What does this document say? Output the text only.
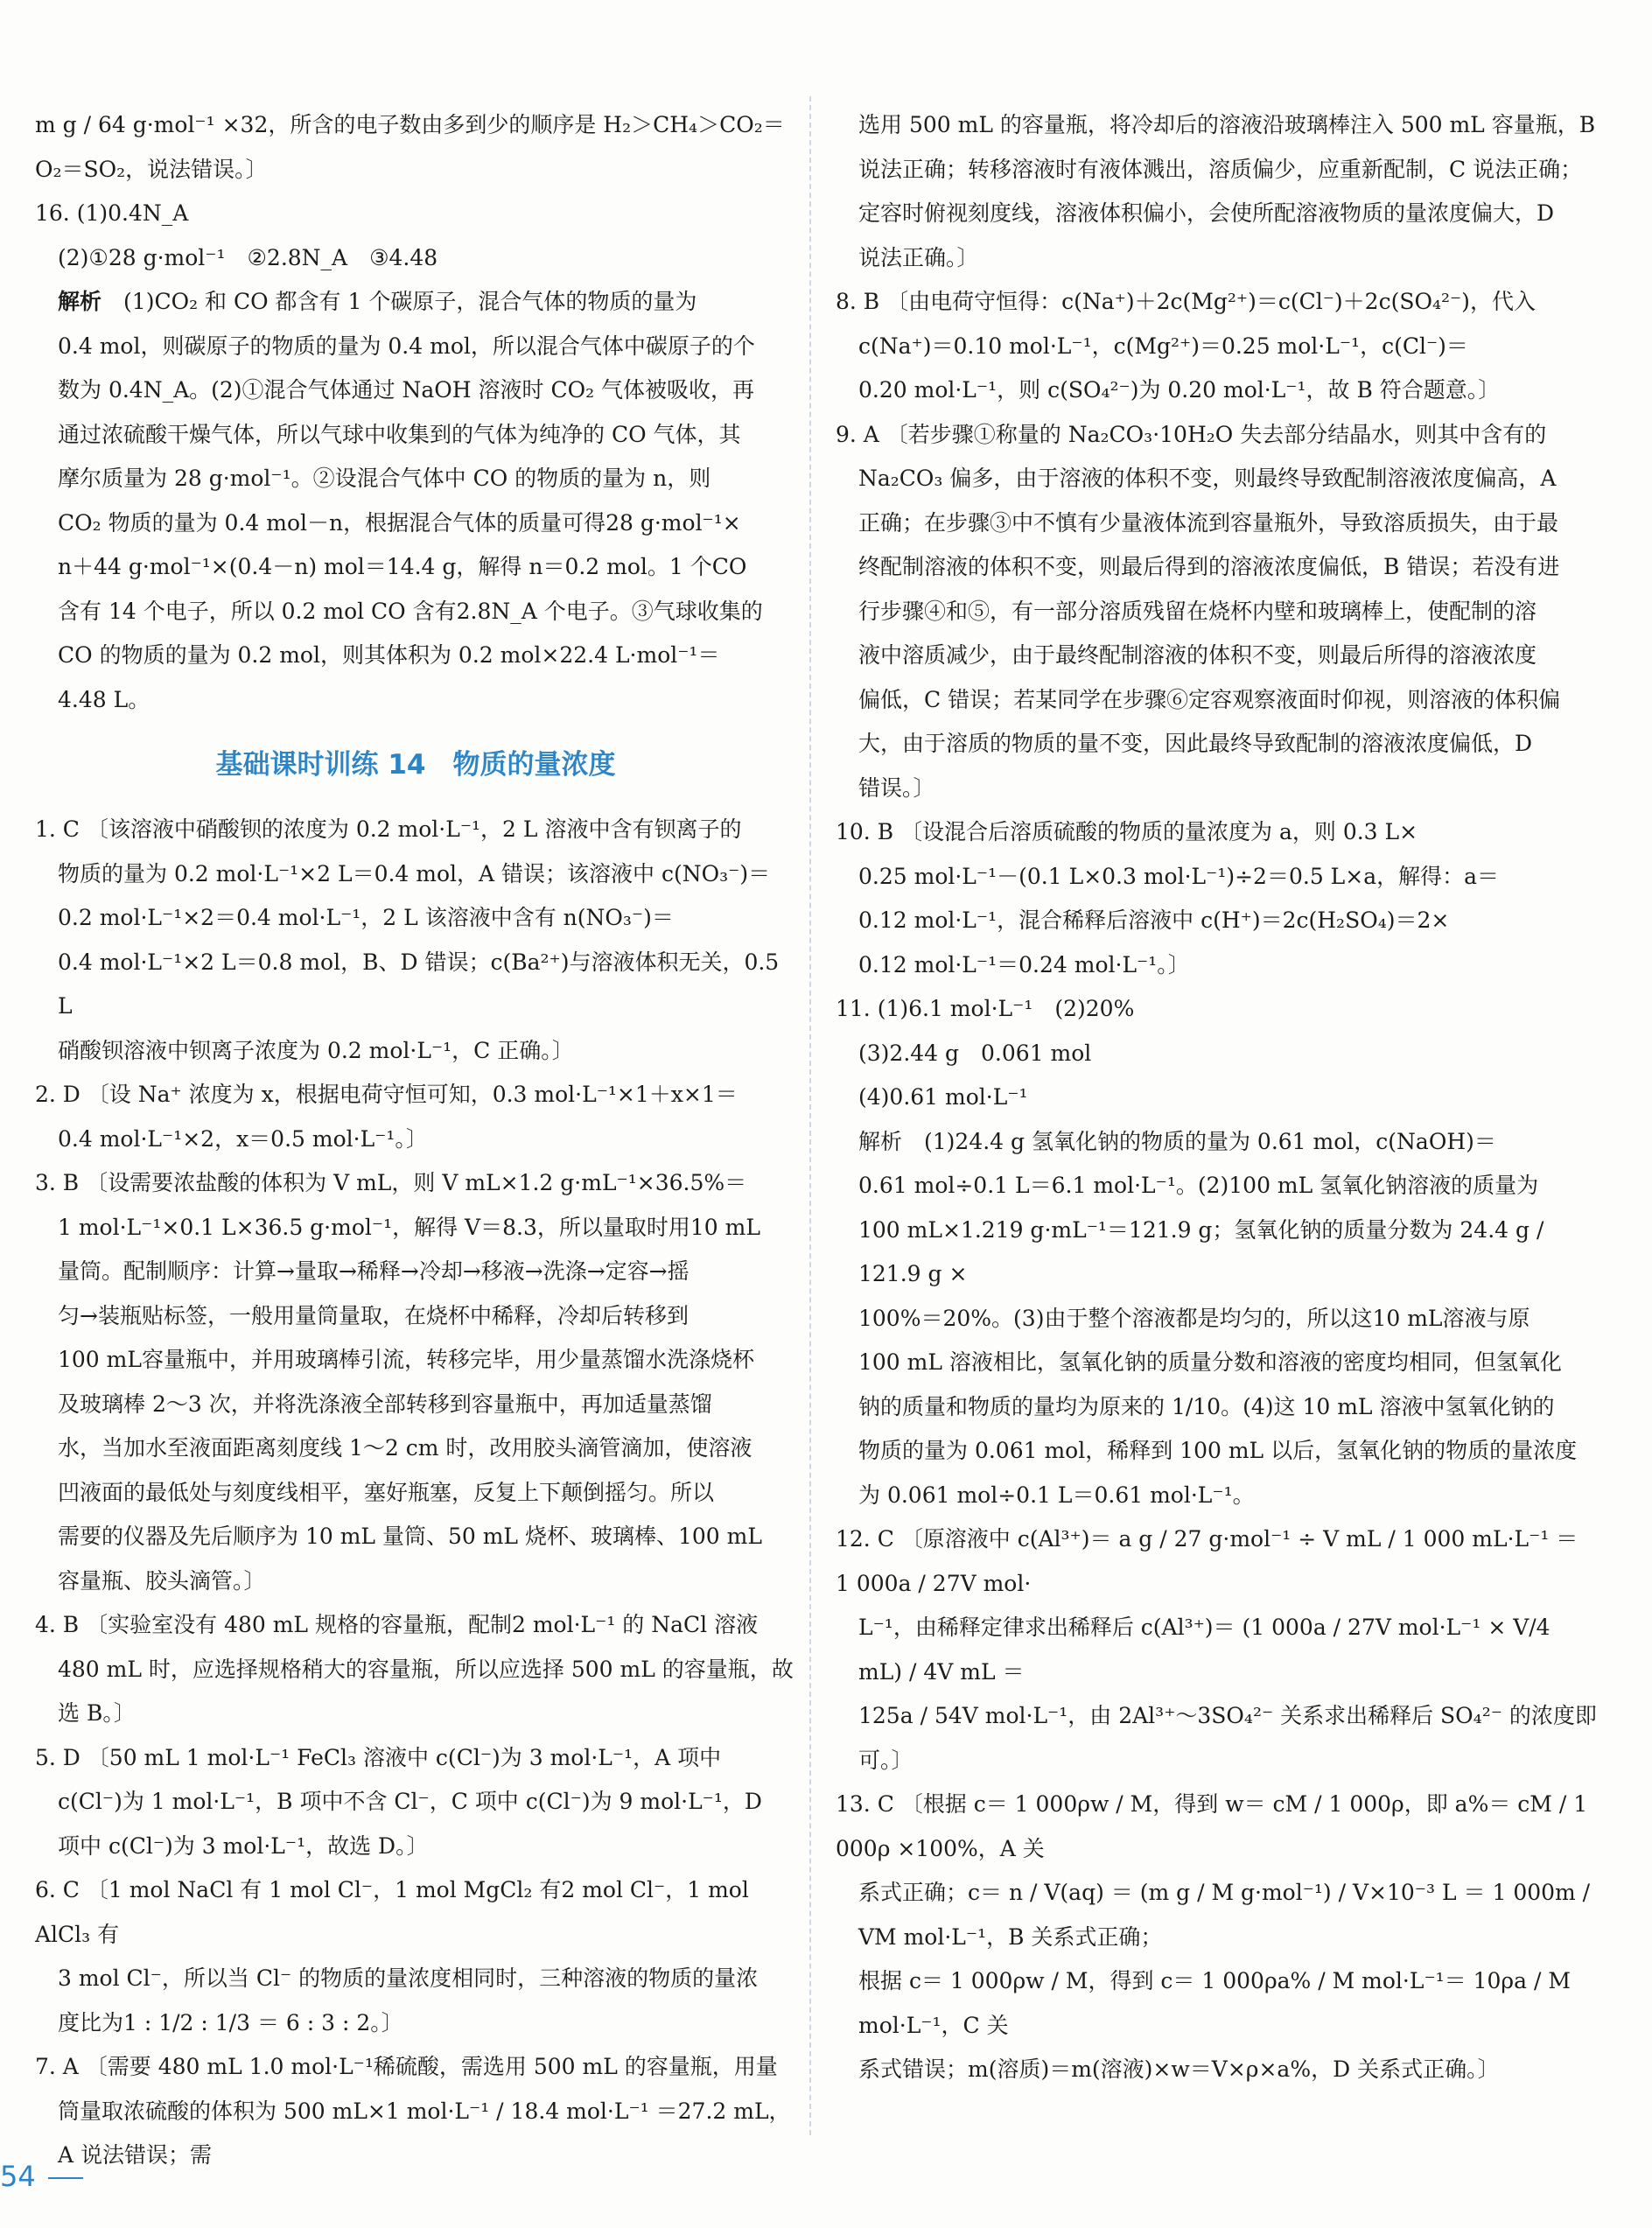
m g / 64 g·mol⁻¹ ×32，所含的电子数由多到少的顺序是 H₂＞CH₄＞CO₂＝

O₂＝SO₂，说法错误。〕

16. (1)0.4N_A

(2)①28 g·mol⁻¹　②2.8N_A　③4.48

解析　 (1)CO₂ 和 CO 都含有 1 个碳原子，混合气体的物质的量为

0.4 mol，则碳原子的物质的量为 0.4 mol，所以混合气体中碳原子的个

数为 0.4N_A。(2)①混合气体通过 NaOH 溶液时 CO₂ 气体被吸收，再

通过浓硫酸干燥气体，所以气球中收集到的气体为纯净的 CO 气体，其

摩尔质量为 28 g·mol⁻¹。②设混合气体中 CO 的物质的量为 n，则

CO₂ 物质的量为 0.4 mol－n，根据混合气体的质量可得28 g·mol⁻¹×

n＋44 g·mol⁻¹×(0.4－n) mol＝14.4 g，解得 n＝0.2 mol。1 个CO

含有 14 个电子，所以 0.2 mol CO 含有2.8N_A 个电子。③气球收集的

CO 的物质的量为 0.2 mol，则其体积为 0.2 mol×22.4 L·mol⁻¹＝

4.48 L。

基础课时训练 14　物质的量浓度

1. C 〔该溶液中硝酸钡的浓度为 0.2 mol·L⁻¹，2 L 溶液中含有钡离子的

物质的量为 0.2 mol·L⁻¹×2 L＝0.4 mol，A 错误；该溶液中 c(NO₃⁻)＝

0.2 mol·L⁻¹×2＝0.4 mol·L⁻¹，2 L 该溶液中含有 n(NO₃⁻)＝

0.4 mol·L⁻¹×2 L＝0.8 mol，B、D 错误；c(Ba²⁺)与溶液体积无关，0.5 L

硝酸钡溶液中钡离子浓度为 0.2 mol·L⁻¹，C 正确。〕

2. D 〔设 Na⁺ 浓度为 x，根据电荷守恒可知，0.3 mol·L⁻¹×1＋x×1＝

0.4 mol·L⁻¹×2，x＝0.5 mol·L⁻¹。〕

3. B 〔设需要浓盐酸的体积为 V mL，则 V mL×1.2 g·mL⁻¹×36.5%＝

1 mol·L⁻¹×0.1 L×36.5 g·mol⁻¹，解得 V＝8.3，所以量取时用10 mL

量筒。配制顺序：计算→量取→稀释→冷却→移液→洗涤→定容→摇

匀→装瓶贴标签，一般用量筒量取，在烧杯中稀释，冷却后转移到

100 mL容量瓶中，并用玻璃棒引流，转移完毕，用少量蒸馏水洗涤烧杯

及玻璃棒 2～3 次，并将洗涤液全部转移到容量瓶中，再加适量蒸馏

水，当加水至液面距离刻度线 1～2 cm 时，改用胶头滴管滴加，使溶液

凹液面的最低处与刻度线相平，塞好瓶塞，反复上下颠倒摇匀。所以

需要的仪器及先后顺序为 10 mL 量筒、50 mL 烧杯、玻璃棒、100 mL

容量瓶、胶头滴管。〕

4. B 〔实验室没有 480 mL 规格的容量瓶，配制2 mol·L⁻¹ 的 NaCl 溶液

480 mL 时，应选择规格稍大的容量瓶，所以应选择 500 mL 的容量瓶，故

选 B。〕

5. D 〔50 mL 1 mol·L⁻¹ FeCl₃ 溶液中 c(Cl⁻)为 3 mol·L⁻¹，A 项中

c(Cl⁻)为 1 mol·L⁻¹，B 项中不含 Cl⁻，C 项中 c(Cl⁻)为 9 mol·L⁻¹，D

项中 c(Cl⁻)为 3 mol·L⁻¹，故选 D。〕

6. C 〔1 mol NaCl 有 1 mol Cl⁻，1 mol MgCl₂ 有2 mol Cl⁻，1 mol AlCl₃ 有

3 mol Cl⁻，所以当 Cl⁻ 的物质的量浓度相同时，三种溶液的物质的量浓

度比为1 : 1/2 : 1/3 ＝ 6 : 3 : 2。〕

7. A 〔需要 480 mL 1.0 mol·L⁻¹稀硫酸，需选用 500 mL 的容量瓶，用量

筒量取浓硫酸的体积为 500 mL×1 mol·L⁻¹ / 18.4 mol·L⁻¹ ＝27.2 mL，A 说法错误；需

选用 500 mL 的容量瓶，将冷却后的溶液沿玻璃棒注入 500 mL 容量瓶，B

说法正确；转移溶液时有液体溅出，溶质偏少，应重新配制，C 说法正确；

定容时俯视刻度线，溶液体积偏小，会使所配溶液物质的量浓度偏大，D

说法正确。〕

8. B 〔由电荷守恒得：c(Na⁺)＋2c(Mg²⁺)＝c(Cl⁻)＋2c(SO₄²⁻)，代入

c(Na⁺)＝0.10 mol·L⁻¹，c(Mg²⁺)＝0.25 mol·L⁻¹，c(Cl⁻)＝

0.20 mol·L⁻¹，则 c(SO₄²⁻)为 0.20 mol·L⁻¹，故 B 符合题意。〕

9. A 〔若步骤①称量的 Na₂CO₃·10H₂O 失去部分结晶水，则其中含有的

Na₂CO₃ 偏多，由于溶液的体积不变，则最终导致配制溶液浓度偏高，A

正确；在步骤③中不慎有少量液体流到容量瓶外，导致溶质损失，由于最

终配制溶液的体积不变，则最后得到的溶液浓度偏低，B 错误；若没有进

行步骤④和⑤，有一部分溶质残留在烧杯内壁和玻璃棒上，使配制的溶

液中溶质减少，由于最终配制溶液的体积不变，则最后所得的溶液浓度

偏低，C 错误；若某同学在步骤⑥定容观察液面时仰视，则溶液的体积偏

大，由于溶质的物质的量不变，因此最终导致配制的溶液浓度偏低，D

错误。〕

10. B 〔设混合后溶质硫酸的物质的量浓度为 a，则 0.3 L×

0.25 mol·L⁻¹－(0.1 L×0.3 mol·L⁻¹)÷2＝0.5 L×a，解得：a＝

0.12 mol·L⁻¹，混合稀释后溶液中 c(H⁺)＝2c(H₂SO₄)＝2×

0.12 mol·L⁻¹＝0.24 mol·L⁻¹。〕

11. (1)6.1 mol·L⁻¹　(2)20%

(3)2.44 g　0.061 mol

(4)0.61 mol·L⁻¹

解析　(1)24.4 g 氢氧化钠的物质的量为 0.61 mol，c(NaOH)＝

0.61 mol÷0.1 L＝6.1 mol·L⁻¹。(2)100 mL 氢氧化钠溶液的质量为

100 mL×1.219 g·mL⁻¹＝121.9 g；氢氧化钠的质量分数为 24.4 g / 121.9 g ×

100%＝20%。(3)由于整个溶液都是均匀的，所以这10 mL溶液与原

100 mL 溶液相比，氢氧化钠的质量分数和溶液的密度均相同，但氢氧化

钠的质量和物质的量均为原来的 1/10。(4)这 10 mL 溶液中氢氧化钠的

物质的量为 0.061 mol，稀释到 100 mL 以后，氢氧化钠的物质的量浓度

为 0.061 mol÷0.1 L＝0.61 mol·L⁻¹。

12. C 〔原溶液中 c(Al³⁺)＝ a g / 27 g·mol⁻¹ ÷ V mL / 1 000 mL·L⁻¹ ＝ 1 000a / 27V mol·

L⁻¹，由稀释定律求出稀释后 c(Al³⁺)＝ (1 000a / 27V mol·L⁻¹ × V/4 mL) / 4V mL ＝

125a / 54V mol·L⁻¹，由 2Al³⁺～3SO₄²⁻ 关系求出稀释后 SO₄²⁻ 的浓度即可。〕

13. C 〔根据 c＝ 1 000ρw / M，得到 w＝ cM / 1 000ρ，即 a%＝ cM / 1 000ρ ×100%，A 关

系式正确；c＝ n / V(aq) ＝ (m g / M g·mol⁻¹) / V×10⁻³ L ＝ 1 000m / VM mol·L⁻¹，B 关系式正确；

根据 c＝ 1 000ρw / M，得到 c＝ 1 000ρa% / M mol·L⁻¹＝ 10ρa / M mol·L⁻¹，C 关

系式错误；m(溶质)＝m(溶液)×w＝V×ρ×a%，D 关系式正确。〕

54
